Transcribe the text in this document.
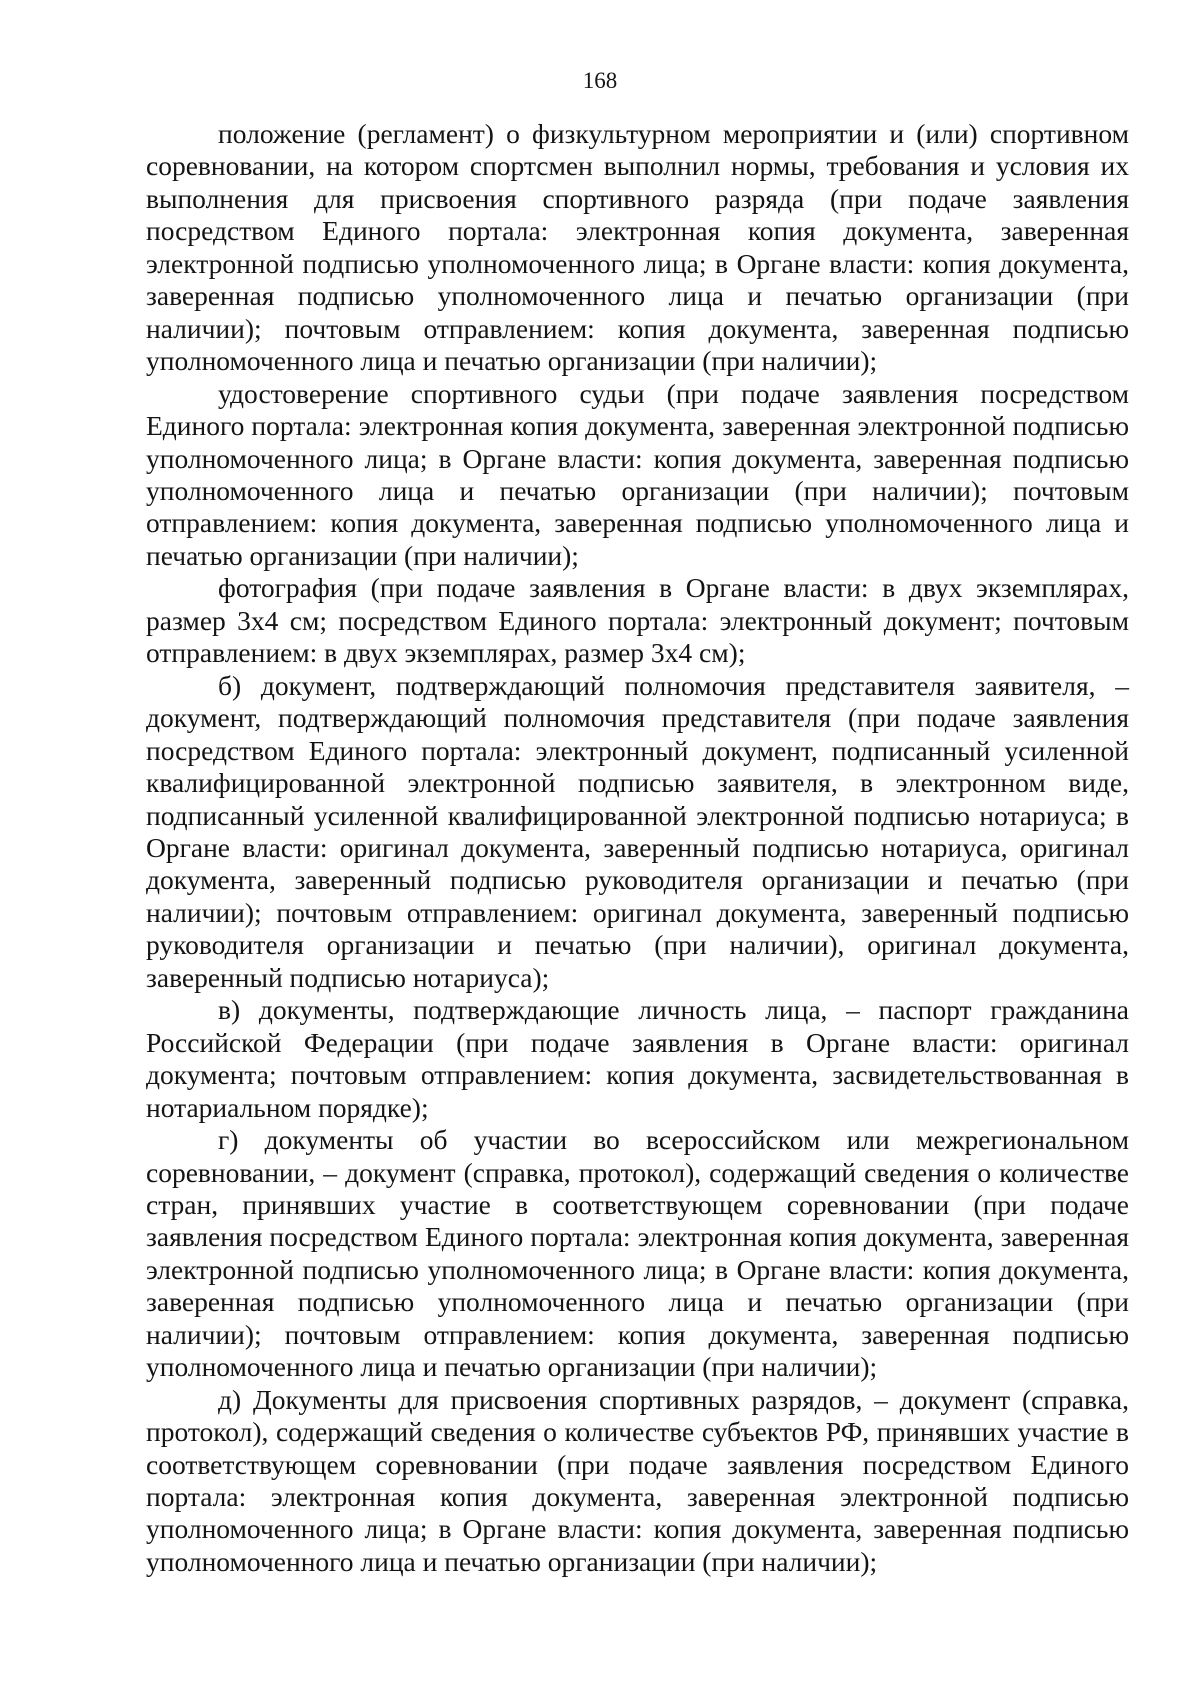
168

положение (регламент) о физкультурном мероприятии и (или) спортивном соревновании, на котором спортсмен выполнил нормы, требования и условия их выполнения для присвоения спортивного разряда (при подаче заявления посредством Единого портала: электронная копия документа, заверенная электронной подписью уполномоченного лица; в Органе власти: копия документа, заверенная подписью уполномоченного лица и печатью организации (при наличии); почтовым отправлением: копия документа, заверенная подписью уполномоченного лица и печатью организации (при наличии);

удостоверение спортивного судьи (при подаче заявления посредством Единого портала: электронная копия документа, заверенная электронной подписью уполномоченного лица; в Органе власти: копия документа, заверенная подписью уполномоченного лица и печатью организации (при наличии); почтовым отправлением: копия документа, заверенная подписью уполномоченного лица и печатью организации (при наличии);

фотография (при подаче заявления в Органе власти: в двух экземплярах, размер 3x4 см; посредством Единого портала: электронный документ; почтовым отправлением: в двух экземплярах, размер 3x4 см);

б) документ, подтверждающий полномочия представителя заявителя, – документ, подтверждающий полномочия представителя (при подаче заявления посредством Единого портала: электронный документ, подписанный усиленной квалифицированной электронной подписью заявителя, в электронном виде, подписанный усиленной квалифицированной электронной подписью нотариуса; в Органе власти: оригинал документа, заверенный подписью нотариуса, оригинал документа, заверенный подписью руководителя организации и печатью (при наличии); почтовым отправлением: оригинал документа, заверенный подписью руководителя организации и печатью (при наличии), оригинал документа, заверенный подписью нотариуса);

в) документы, подтверждающие личность лица, – паспорт гражданина Российской Федерации (при подаче заявления в Органе власти: оригинал документа; почтовым отправлением: копия документа, засвидетельствованная в нотариальном порядке);

г) документы об участии во всероссийском или межрегиональном соревновании, – документ (справка, протокол), содержащий сведения о количестве стран, принявших участие в соответствующем соревновании (при подаче заявления посредством Единого портала: электронная копия документа, заверенная электронной подписью уполномоченного лица; в Органе власти: копия документа, заверенная подписью уполномоченного лица и печатью организации (при наличии); почтовым отправлением: копия документа, заверенная подписью уполномоченного лица и печатью организации (при наличии);

д) Документы для присвоения спортивных разрядов, – документ (справка, протокол), содержащий сведения о количестве субъектов РФ, принявших участие в соответствующем соревновании (при подаче заявления посредством Единого портала: электронная копия документа, заверенная электронной подписью уполномоченного лица; в Органе власти: копия документа, заверенная подписью уполномоченного лица и печатью организации (при наличии);
